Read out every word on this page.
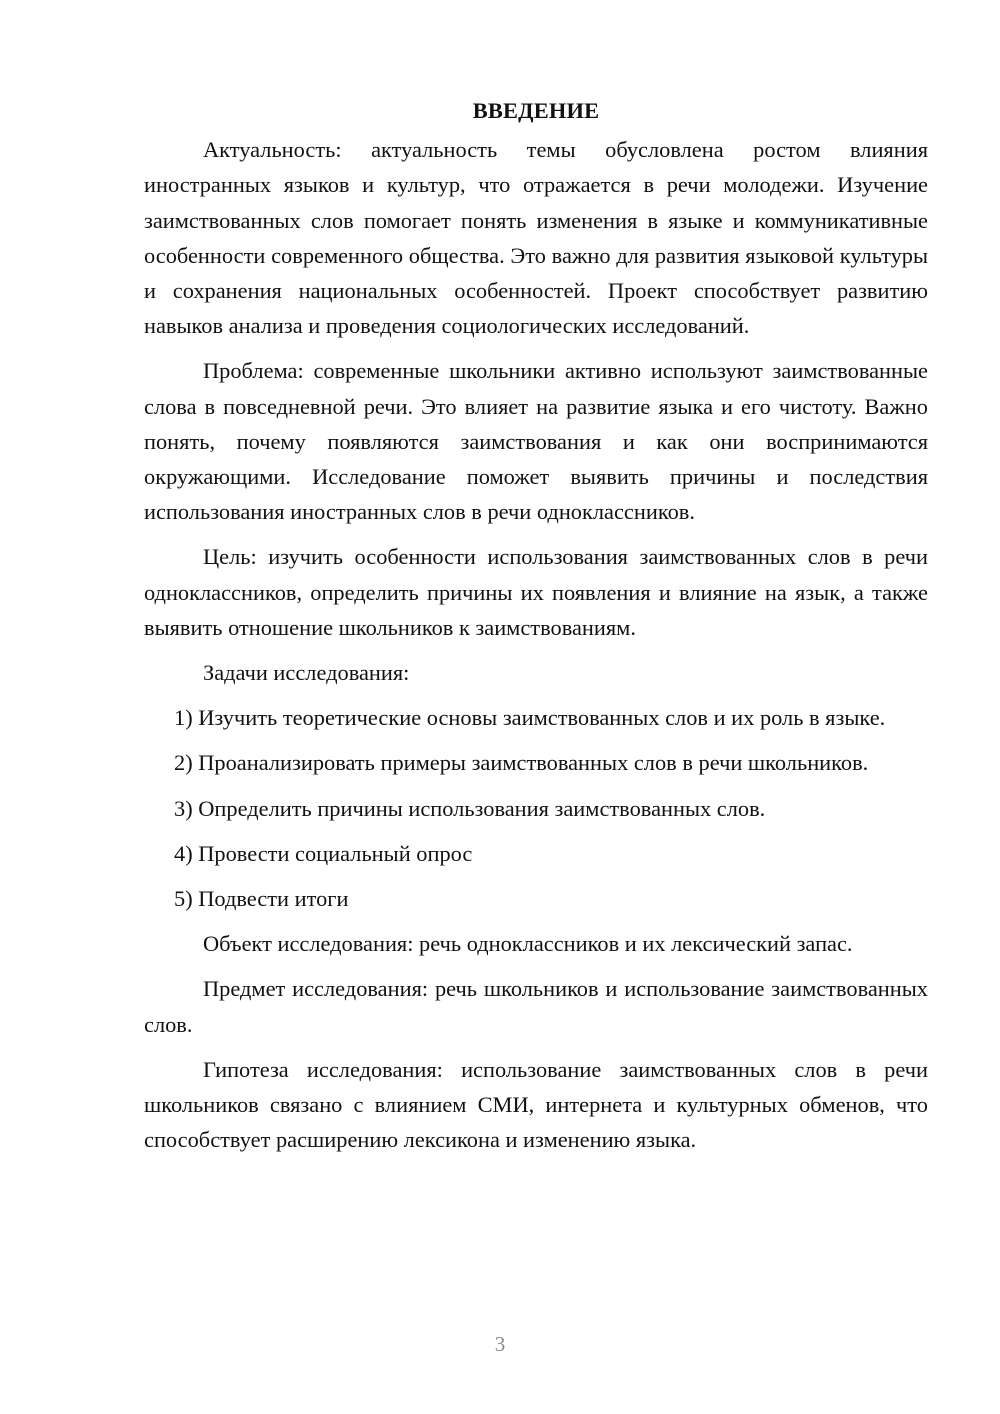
ВВЕДЕНИЕ

Актуальность: актуальность темы обусловлена ростом влияния иностранных языков и культур, что отражается в речи молодежи. Изучение заимствованных слов помогает понять изменения в языке и коммуникативные особенности современного общества. Это важно для развития языковой культуры и сохранения национальных особенностей. Проект способствует развитию навыков анализа и проведения социологических исследований.

Проблема: современные школьники активно используют заимствованные слова в повседневной речи. Это влияет на развитие языка и его чистоту. Важно понять, почему появляются заимствования и как они воспринимаются окружающими. Исследование поможет выявить причины и последствия использования иностранных слов в речи одноклассников.

Цель: изучить особенности использования заимствованных слов в речи одноклассников, определить причины их появления и влияние на язык, а также выявить отношение школьников к заимствованиям.

Задачи исследования:

1) Изучить теоретические основы заимствованных слов и их роль в языке.

2) Проанализировать примеры заимствованных слов в речи школьников.

3) Определить причины использования заимствованных слов.

4) Провести социальный опрос

5) Подвести итоги

Объект исследования: речь одноклассников и их лексический запас.

Предмет исследования: речь школьников и использование заимствованных слов.

Гипотеза исследования: использование заимствованных слов в речи школьников связано с влиянием СМИ, интернета и культурных обменов, что способствует расширению лексикона и изменению языка.

3
